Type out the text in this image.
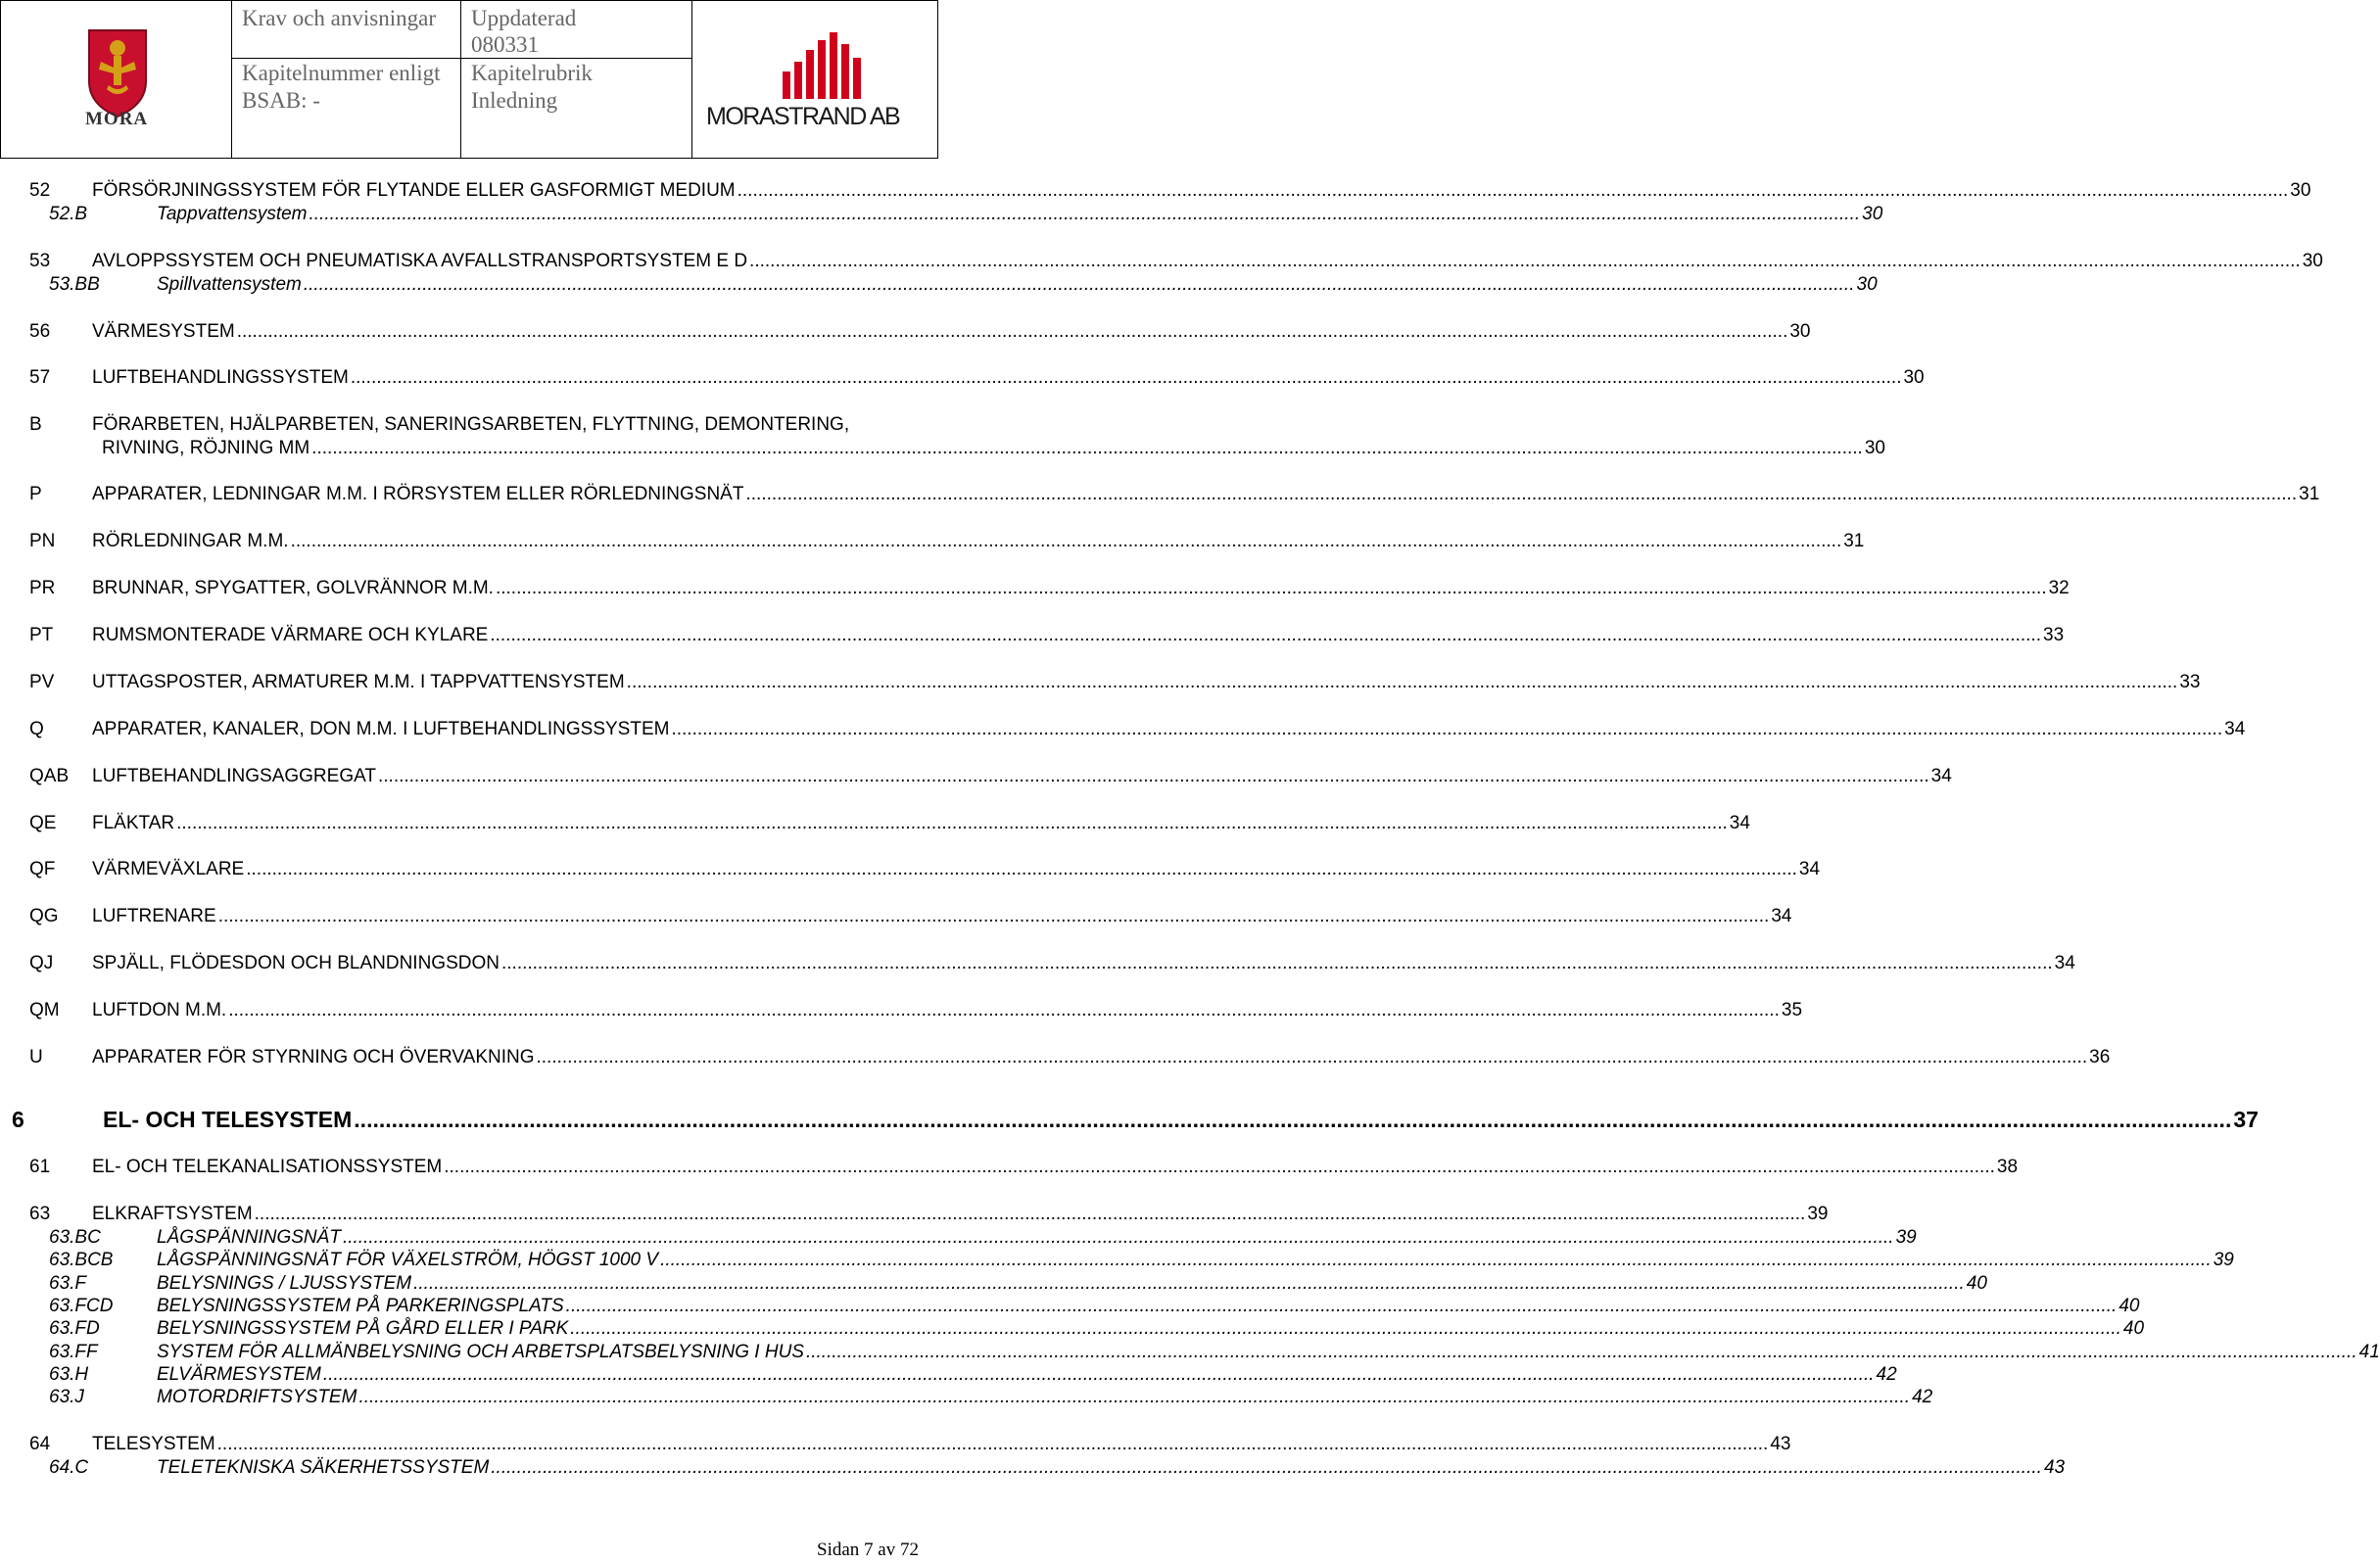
MORA
Krav och anvisningar
Kapitelnummer enligt
BSAB: -
Uppdaterad
080331
Kapitelrubrik
Inledning
MORASTRAND AB
52 FÖRSÖRJNINGSSYSTEM FÖR FLYTANDE ELLER GASFORMIGT MEDIUM ............................................................................................................................................................................................................................................................................................................ 30
52.B	Tappvattensystem ............................................................................................................................................................................................................................................................................................................ 30
53 AVLOPPSSYSTEM OCH PNEUMATISKA AVFALLSTRANSPORTSYSTEM E D ............................................................................................................................................................................................................................................................................................................ 30
53.BB	Spillvattensystem ............................................................................................................................................................................................................................................................................................................ 30
56 VÄRMESYSTEM ............................................................................................................................................................................................................................................................................................................ 30
57 LUFTBEHANDLINGSSYSTEM ............................................................................................................................................................................................................................................................................................................ 30
B	FÖRARBETEN, HJÄLPARBETEN, SANERINGSARBETEN, FLYTTNING, DEMONTERING,
RIVNING, RÖJNING MM ............................................................................................................................................................................................................................................................................................................ 30
P	APPARATER, LEDNINGAR M.M. I RÖRSYSTEM ELLER RÖRLEDNINGSNÄT ............................................................................................................................................................................................................................................................................................................ 31
PN RÖRLEDNINGAR M.M. ............................................................................................................................................................................................................................................................................................................ 31
PR BRUNNAR, SPYGATTER, GOLVRÄNNOR M.M. ............................................................................................................................................................................................................................................................................................................ 32
PT RUMSMONTERADE VÄRMARE OCH KYLARE ............................................................................................................................................................................................................................................................................................................ 33
PV UTTAGSPOSTER, ARMATURER M.M. I TAPPVATTENSYSTEM ............................................................................................................................................................................................................................................................................................................ 33
Q	APPARATER, KANALER, DON M.M. I LUFTBEHANDLINGSSYSTEM ............................................................................................................................................................................................................................................................................................................ 34
QAB LUFTBEHANDLINGSAGGREGAT ............................................................................................................................................................................................................................................................................................................ 34
QE FLÄKTAR ............................................................................................................................................................................................................................................................................................................ 34
QF VÄRMEVÄXLARE ............................................................................................................................................................................................................................................................................................................ 34
QG LUFTRENARE ............................................................................................................................................................................................................................................................................................................ 34
QJ SPJÄLL, FLÖDESDON OCH BLANDNINGSDON ............................................................................................................................................................................................................................................................................................................ 34
QM LUFTDON M.M. ............................................................................................................................................................................................................................................................................................................ 35
U	APPARATER FÖR STYRNING OCH ÖVERVAKNING ............................................................................................................................................................................................................................................................................................................ 36
6	EL- OCH TELESYSTEM ............................................................................................................................................................................................................................................................................................................ 37
61 EL- OCH TELEKANALISATIONSSYSTEM ............................................................................................................................................................................................................................................................................................................ 38
63 ELKRAFTSYSTEM ............................................................................................................................................................................................................................................................................................................ 39
63.BC	LÅGSPÄNNINGSNÄT ............................................................................................................................................................................................................................................................................................................ 39
63.BCB LÅGSPÄNNINGSNÄT FÖR VÄXELSTRÖM, HÖGST 1000 V ............................................................................................................................................................................................................................................................................................................ 39
63.F	BELYSNINGS / LJUSSYSTEM ............................................................................................................................................................................................................................................................................................................ 40
63.FCD BELYSNINGSSYSTEM PÅ PARKERINGSPLATS ............................................................................................................................................................................................................................................................................................................ 40
63.FD	BELYSNINGSSYSTEM PÅ GÅRD ELLER I PARK ............................................................................................................................................................................................................................................................................................................ 40
63.FF	SYSTEM FÖR ALLMÄNBELYSNING OCH ARBETSPLATSBELYSNING I HUS ............................................................................................................................................................................................................................................................................................................ 41
63.H	ELVÄRMESYSTEM ............................................................................................................................................................................................................................................................................................................ 42
63.J	MOTORDRIFTSYSTEM ............................................................................................................................................................................................................................................................................................................ 42
64 TELESYSTEM ............................................................................................................................................................................................................................................................................................................ 43
64.C	TELETEKNISKA SÄKERHETSSYSTEM ............................................................................................................................................................................................................................................................................................................ 43
Sidan 7 av 72
